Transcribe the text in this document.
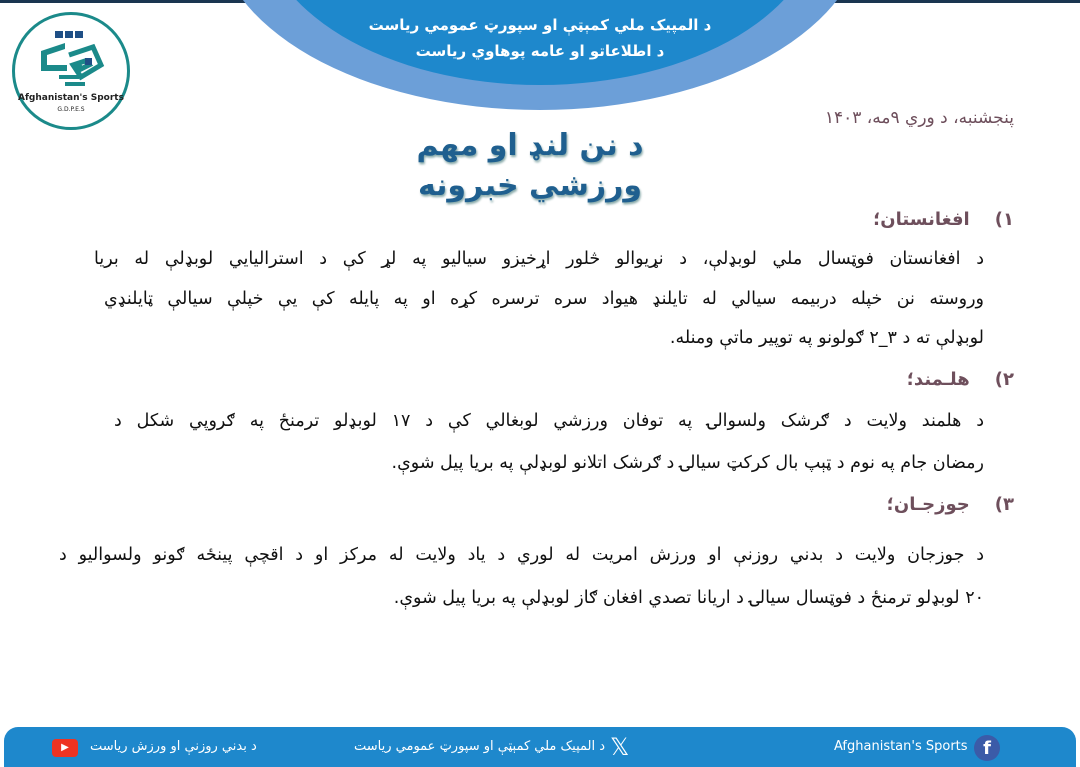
د المپیک ملي کمېټې او سپورټ عمومي ریاست
د اطلاعاتو او عامه پوهاوي ریاست
Afghanistan's Sports
G.D.P.E.S	پنجشنبه، د وري ۹مه، ۱۴۰۳
د نن لنډ او مهم
ورزشي خبرونه
۱) افغانستان؛
د افغانستان فوټسال ملي لوبډلې، د نړیوالو څلور اړخیزو سیالیو په لړ کې د استرالیايي لوبډلې له بریا
وروسته نن خپله دربیمه سیالي له تایلنډ هیواد سره ترسره کړه او په پایله کې یې خپلې سیالې ټایلنډي
لوبډلې ته د ۳_۲ ګولونو په توپیر ماتې ومنله.
۲) هلـمند؛
د هلمند ولایت د ګرشک ولسوالۍ په توفان ورزشي لوبغالي کې د ۱۷ لوبډلو ترمنځ په ګروپي شکل د
رمضان جام په نوم د ټېپ بال کرکټ سیالۍ د ګرشک اتلانو لوبډلې په بریا پیل شوې.
۳) جوزجـان؛
د جوزجان ولایت د بدني روزنې او ورزش امریت له لوري د یاد ولایت له مرکز او د اقچې پینځه ګونو ولسوالیو د
۲۰ لوبډلو ترمنځ د فوټسال سیالۍ د اریانا تصدي افغان ګاز لوبډلې په بریا پیل شوې.
▶	د بدني روزنې او ورزش ریاست	د المپیک ملي کمېټې او سپورټ عمومي ریاست 𝕏	Afghanistan's Sports f
